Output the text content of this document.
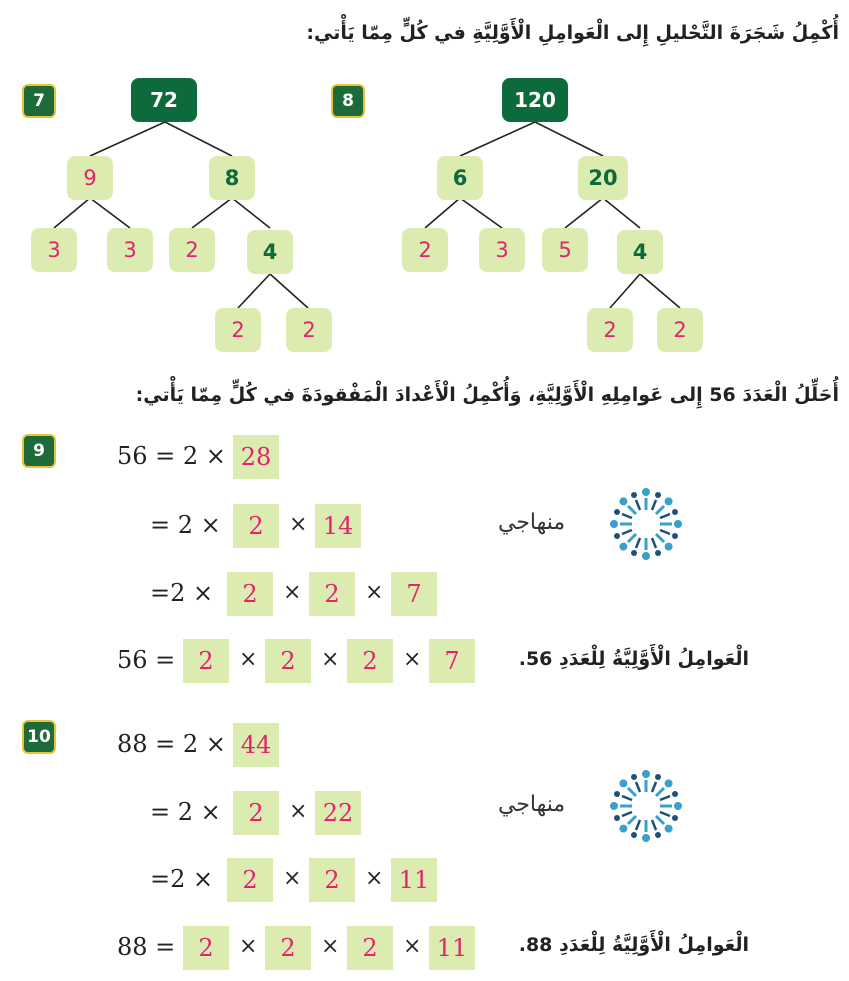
أُكْمِلُ شَجَرَةَ التَّحْليلِ إِلى الْعَوامِلِ الْأَوَّلِيَّةِ في كُلٍّ مِمّا يَأْتي:
7	72
9	8
3	3	2	4
2	2
8	120
6	20
2	3	5	4
2	2
أُحَلِّلُ الْعَدَدَ 56 إِلى عَوامِلِهِ الْأَوَّلِيَّةِ، وَأُكْمِلُ الْأَعْدادَ الْمَفْقودَةَ في كُلٍّ مِمّا يَأْتي:
9	56 = 2 × 28
= 2 ×	2	× 14
=2 ×	2	× 2	× 7
56 = 2	× 2	× 2	× 7	الْعَوامِلُ الْأَوَّلِيَّةُ لِلْعَدَدِ 56.
10	88 = 2 × 44
= 2 ×	2	× 22
=2 ×	2	× 2	× 11
88 = 2	× 2	× 2	× 11	الْعَوامِلُ الْأَوَّلِيَّةُ لِلْعَدَدِ 88.
منهاجي
منهاجي
